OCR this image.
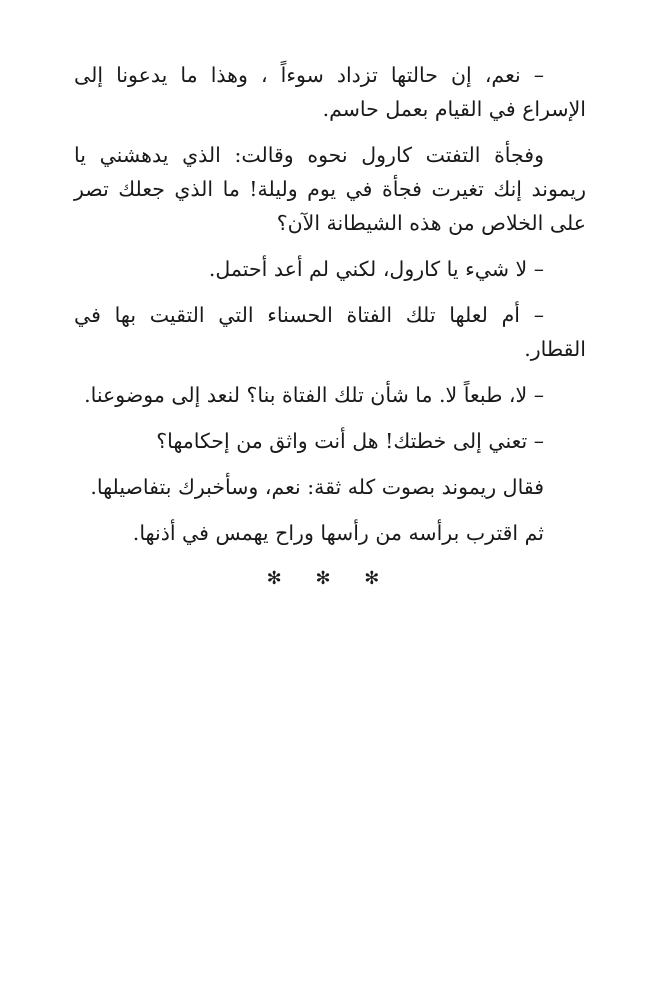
– نعم، إن حالتها تزداد سوءاً ، وهذا ما يدعونا إلى الإسراع في القيام بعمل حاسم.

وفجأة التفتت كارول نحوه وقالت: الذي يدهشني يا ريموند إنك تغيرت فجأة في يوم وليلة! ما الذي جعلك تصر على الخلاص من هذه الشيطانة الآن؟

– لا شيء يا كارول، لكني لم أعد أحتمل.

– أم لعلها تلك الفتاة الحسناء التي التقيت بها في القطار.

– لا، طبعاً لا. ما شأن تلك الفتاة بنا؟ لنعد إلى موضوعنا.

– تعني إلى خطتك! هل أنت واثق من إحكامها؟

فقال ريموند بصوت كله ثقة: نعم، وسأخبرك بتفاصيلها.

ثم اقترب برأسه من رأسها وراح يهمس في أذنها.

✻ ✻ ✻
